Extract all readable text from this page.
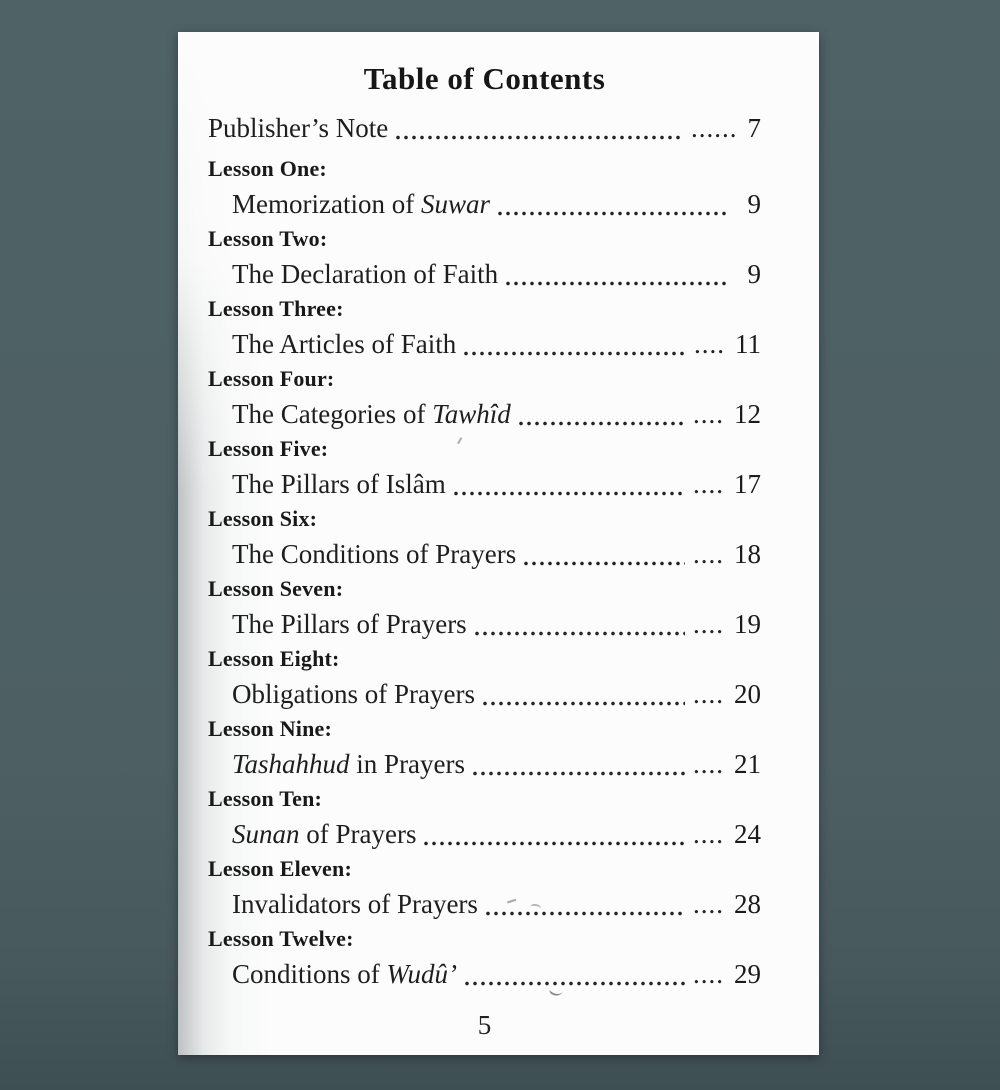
Table of Contents
Publisher’s Note	...... 7
Lesson One:
Memorization of Suwar	9
Lesson Two:
The Declaration of Faith	9
Lesson Three:
The Articles of Faith	.... 11
Lesson Four:
The Categories of Tawhîd	.... 12
Lesson Five:
The Pillars of Islâm	.... 17
Lesson Six:
The Conditions of Prayers	.... 18
Lesson Seven:
The Pillars of Prayers	.... 19
Lesson Eight:
Obligations of Prayers	.... 20
Lesson Nine:
Tashahhud in Prayers	.... 21
Lesson Ten:
Sunan of Prayers	.... 24
Lesson Eleven:
Invalidators of Prayers	.... 28
Lesson Twelve:
Conditions of Wudû’	.... 29
5
